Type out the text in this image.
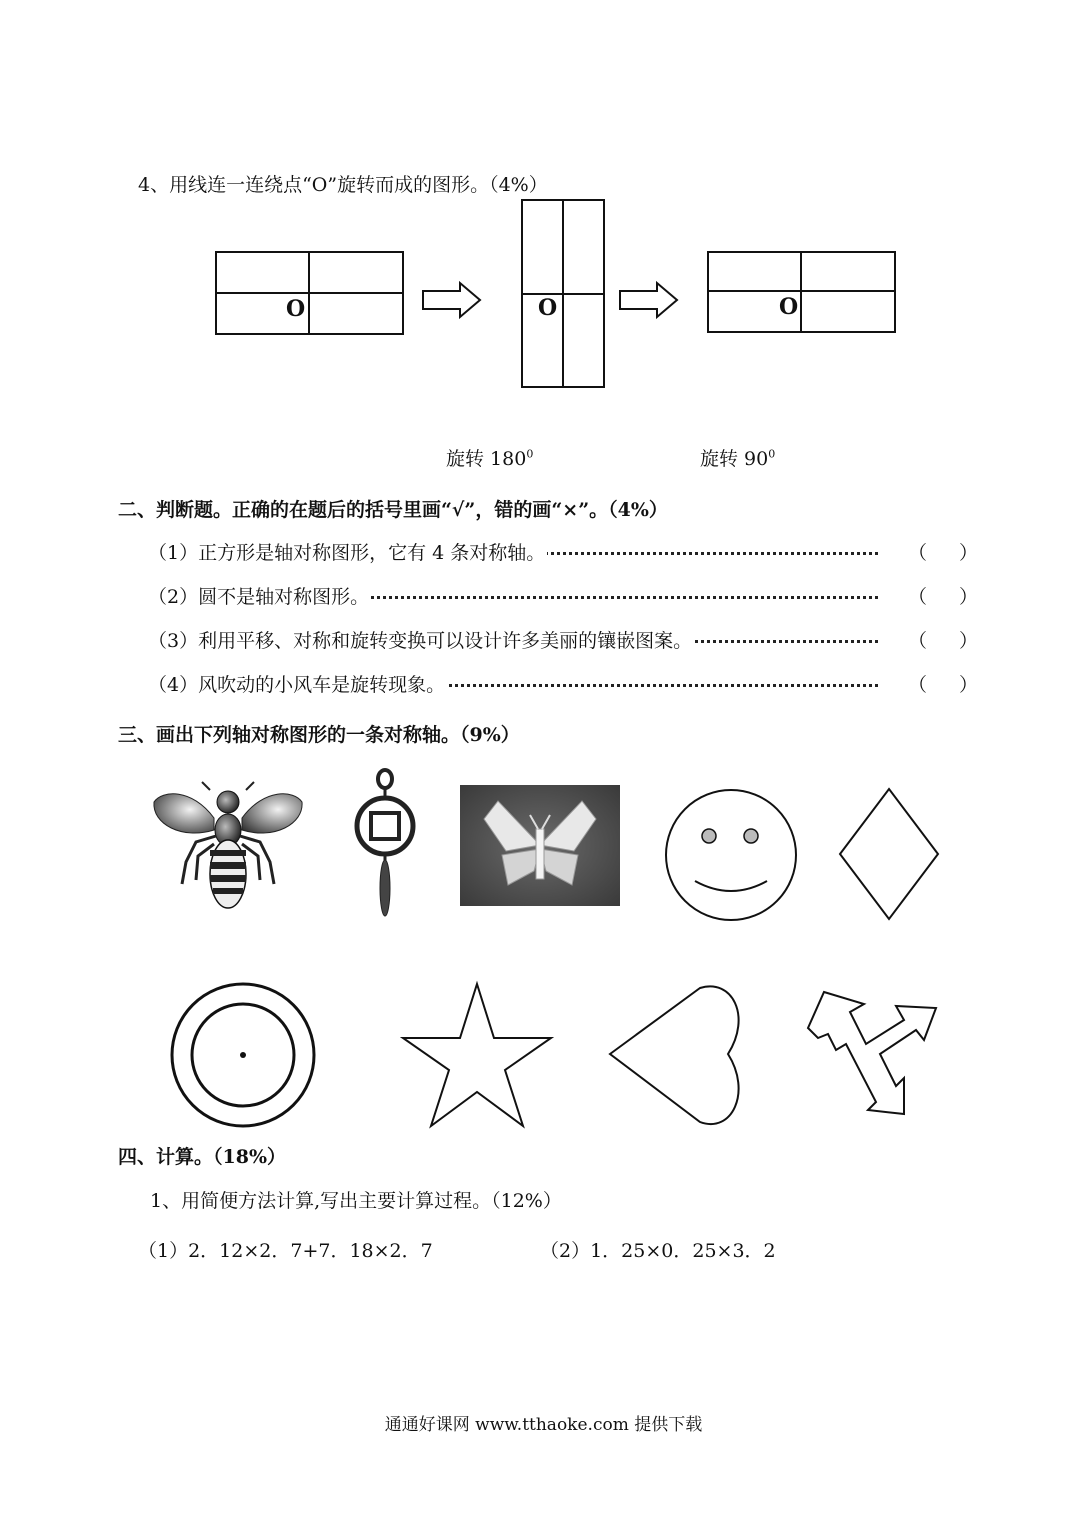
4、用线连一连绕点“O”旋转而成的图形。（4%）
O	O	O
旋转 $180^0$	旋转 $90^0$
二、判断题。正确的在题后的括号里画“√”，错的画“×”。（4%）
（1）正方形是轴对称图形，它有 4 条对称轴。	（ ）
（2）圆不是轴对称图形。	（ ）
（3）利用平移、对称和旋转变换可以设计许多美丽的镶嵌图案。	（ ）
（4）风吹动的小风车是旋转现象。	（ ）
三、画出下列轴对称图形的一条对称轴。（9%）
四、计算。（18%）
1、用简便方法计算,写出主要计算过程。（12%）
（1）2．12×2．7+7．18×2．7	（2）1．25×0．25×3．2
通通好课网 www.tthaoke.com 提供下载
